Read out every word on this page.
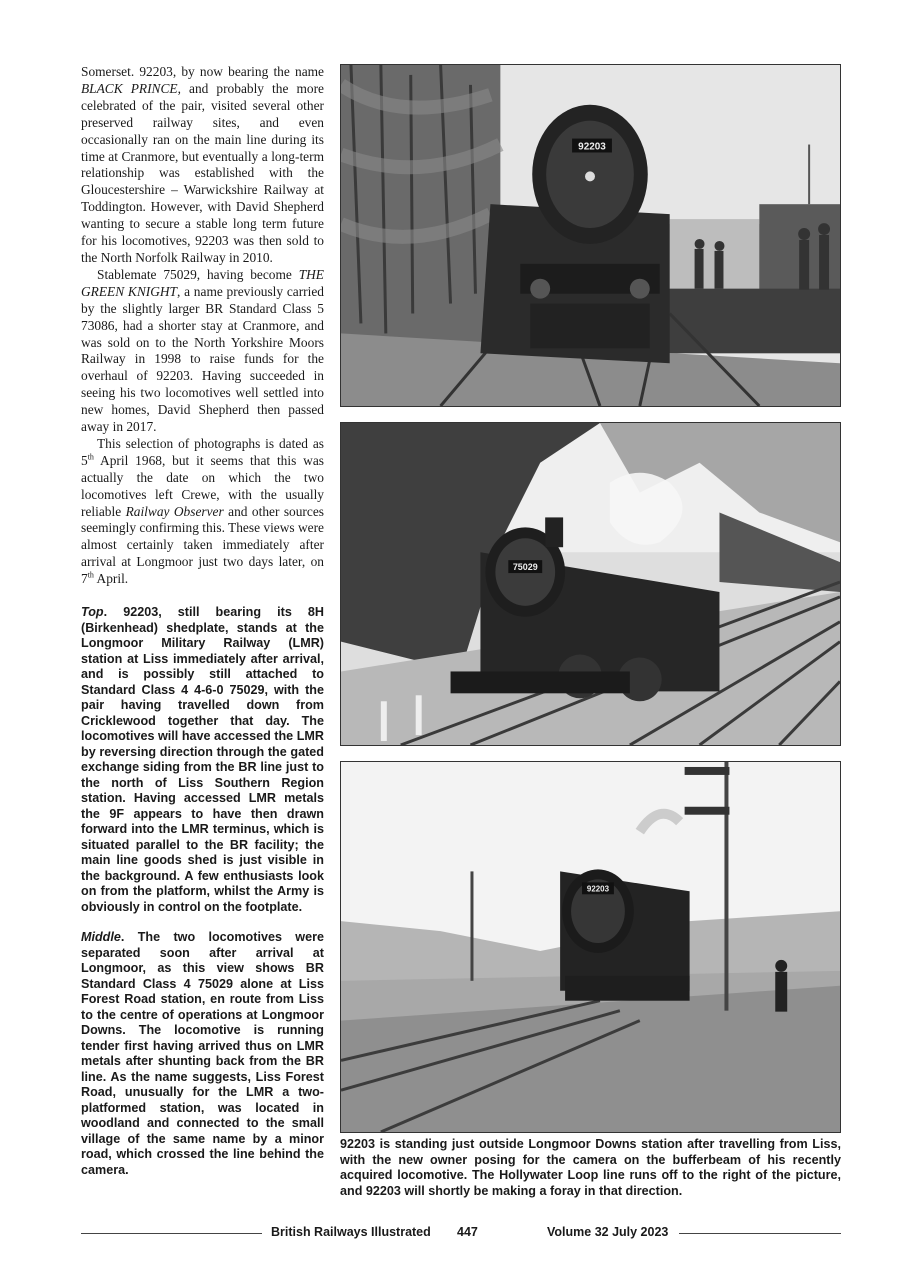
Somerset. 92203, by now bearing the name BLACK PRINCE, and probably the more celebrated of the pair, visited several other preserved railway sites, and even occasionally ran on the main line during its time at Cranmore, but eventually a long-term relationship was established with the Gloucestershire – Warwickshire Railway at Toddington. However, with David Shepherd wanting to secure a stable long term future for his locomotives, 92203 was then sold to the North Norfolk Railway in 2010.

Stablemate 75029, having become THE GREEN KNIGHT, a name previously carried by the slightly larger BR Standard Class 5 73086, had a shorter stay at Cranmore, and was sold on to the North Yorkshire Moors Railway in 1998 to raise funds for the overhaul of 92203. Having succeeded in seeing his two locomotives well settled into new homes, David Shepherd then passed away in 2017.

This selection of photographs is dated as 5th April 1968, but it seems that this was actually the date on which the two locomotives left Crewe, with the usually reliable Railway Observer and other sources seemingly confirming this. These views were almost certainly taken immediately after arrival at Longmoor just two days later, on 7th April.

Top. 92203, still bearing its 8H (Birkenhead) shedplate, stands at the Longmoor Military Railway (LMR) station at Liss immediately after arrival, and is possibly still attached to Standard Class 4 4-6-0 75029, with the pair having travelled down from Cricklewood together that day. The locomotives will have accessed the LMR by reversing direction through the gated exchange siding from the BR line just to the north of Liss Southern Region station. Having accessed LMR metals the 9F appears to have then drawn forward into the LMR terminus, which is situated parallel to the BR facility; the main line goods shed is just visible in the background. A few enthusiasts look on from the platform, whilst the Army is obviously in control on the footplate.

Middle. The two locomotives were separated soon after arrival at Longmoor, as this view shows BR Standard Class 4 75029 alone at Liss Forest Road station, en route from Liss to the centre of operations at Longmoor Downs. The locomotive is running tender first having arrived thus on LMR metals after shunting back from the BR line. As the name suggests, Liss Forest Road, unusually for the LMR a two-platformed station, was located in woodland and connected to the small village of the same name by a minor road, which crossed the line behind the camera.

92203
75029
92203

92203 is standing just outside Longmoor Downs station after travelling from Liss, with the new owner posing for the camera on the bufferbeam of his recently acquired locomotive. The Hollywater Loop line runs off to the right of the picture, and 92203 will shortly be making a foray in that direction.

British Railways Illustrated 447	Volume 32 July 2023
